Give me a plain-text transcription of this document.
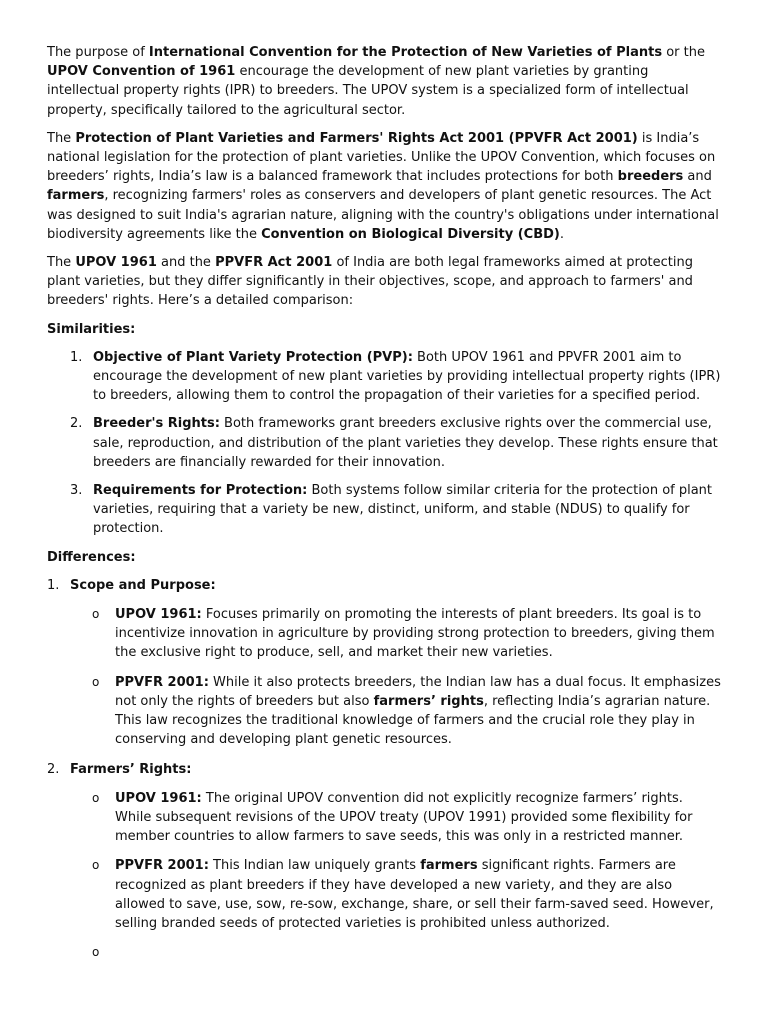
The purpose of International Convention for the Protection of New Varieties of Plants or the UPOV Convention of 1961 encourage the development of new plant varieties by granting intellectual property rights (IPR) to breeders. The UPOV system is a specialized form of intellectual property, specifically tailored to the agricultural sector.

The Protection of Plant Varieties and Farmers' Rights Act 2001 (PPVFR Act 2001) is India’s national legislation for the protection of plant varieties. Unlike the UPOV Convention, which focuses on breeders’ rights, India’s law is a balanced framework that includes protections for both breeders and farmers, recognizing farmers' roles as conservers and developers of plant genetic resources. The Act was designed to suit India's agrarian nature, aligning with the country's obligations under international biodiversity agreements like the Convention on Biological Diversity (CBD).

The UPOV 1961 and the PPVFR Act 2001 of India are both legal frameworks aimed at protecting plant varieties, but they differ significantly in their objectives, scope, and approach to farmers' and breeders' rights. Here’s a detailed comparison:

Similarities:
1. Objective of Plant Variety Protection (PVP): Both UPOV 1961 and PPVFR 2001 aim to encourage the development of new plant varieties by providing intellectual property rights (IPR) to breeders, allowing them to control the propagation of their varieties for a specified period.
2. Breeder's Rights: Both frameworks grant breeders exclusive rights over the commercial use, sale, reproduction, and distribution of the plant varieties they develop. These rights ensure that breeders are financially rewarded for their innovation.
3. Requirements for Protection: Both systems follow similar criteria for the protection of plant varieties, requiring that a variety be new, distinct, uniform, and stable (NDUS) to qualify for protection.
Differences:
1. Scope and Purpose:
o UPOV 1961: Focuses primarily on promoting the interests of plant breeders. Its goal is to incentivize innovation in agriculture by providing strong protection to breeders, giving them the exclusive right to produce, sell, and market their new varieties.
o PPVFR 2001: While it also protects breeders, the Indian law has a dual focus. It emphasizes not only the rights of breeders but also farmers’ rights, reflecting India’s agrarian nature. This law recognizes the traditional knowledge of farmers and the crucial role they play in conserving and developing plant genetic resources.
2. Farmers’ Rights:
o UPOV 1961: The original UPOV convention did not explicitly recognize farmers’ rights. While subsequent revisions of the UPOV treaty (UPOV 1991) provided some flexibility for member countries to allow farmers to save seeds, this was only in a restricted manner.
o PPVFR 2001: This Indian law uniquely grants farmers significant rights. Farmers are recognized as plant breeders if they have developed a new variety, and they are also allowed to save, use, sow, re-sow, exchange, share, or sell their farm-saved seed. However, selling branded seeds of protected varieties is prohibited unless authorized.
o
